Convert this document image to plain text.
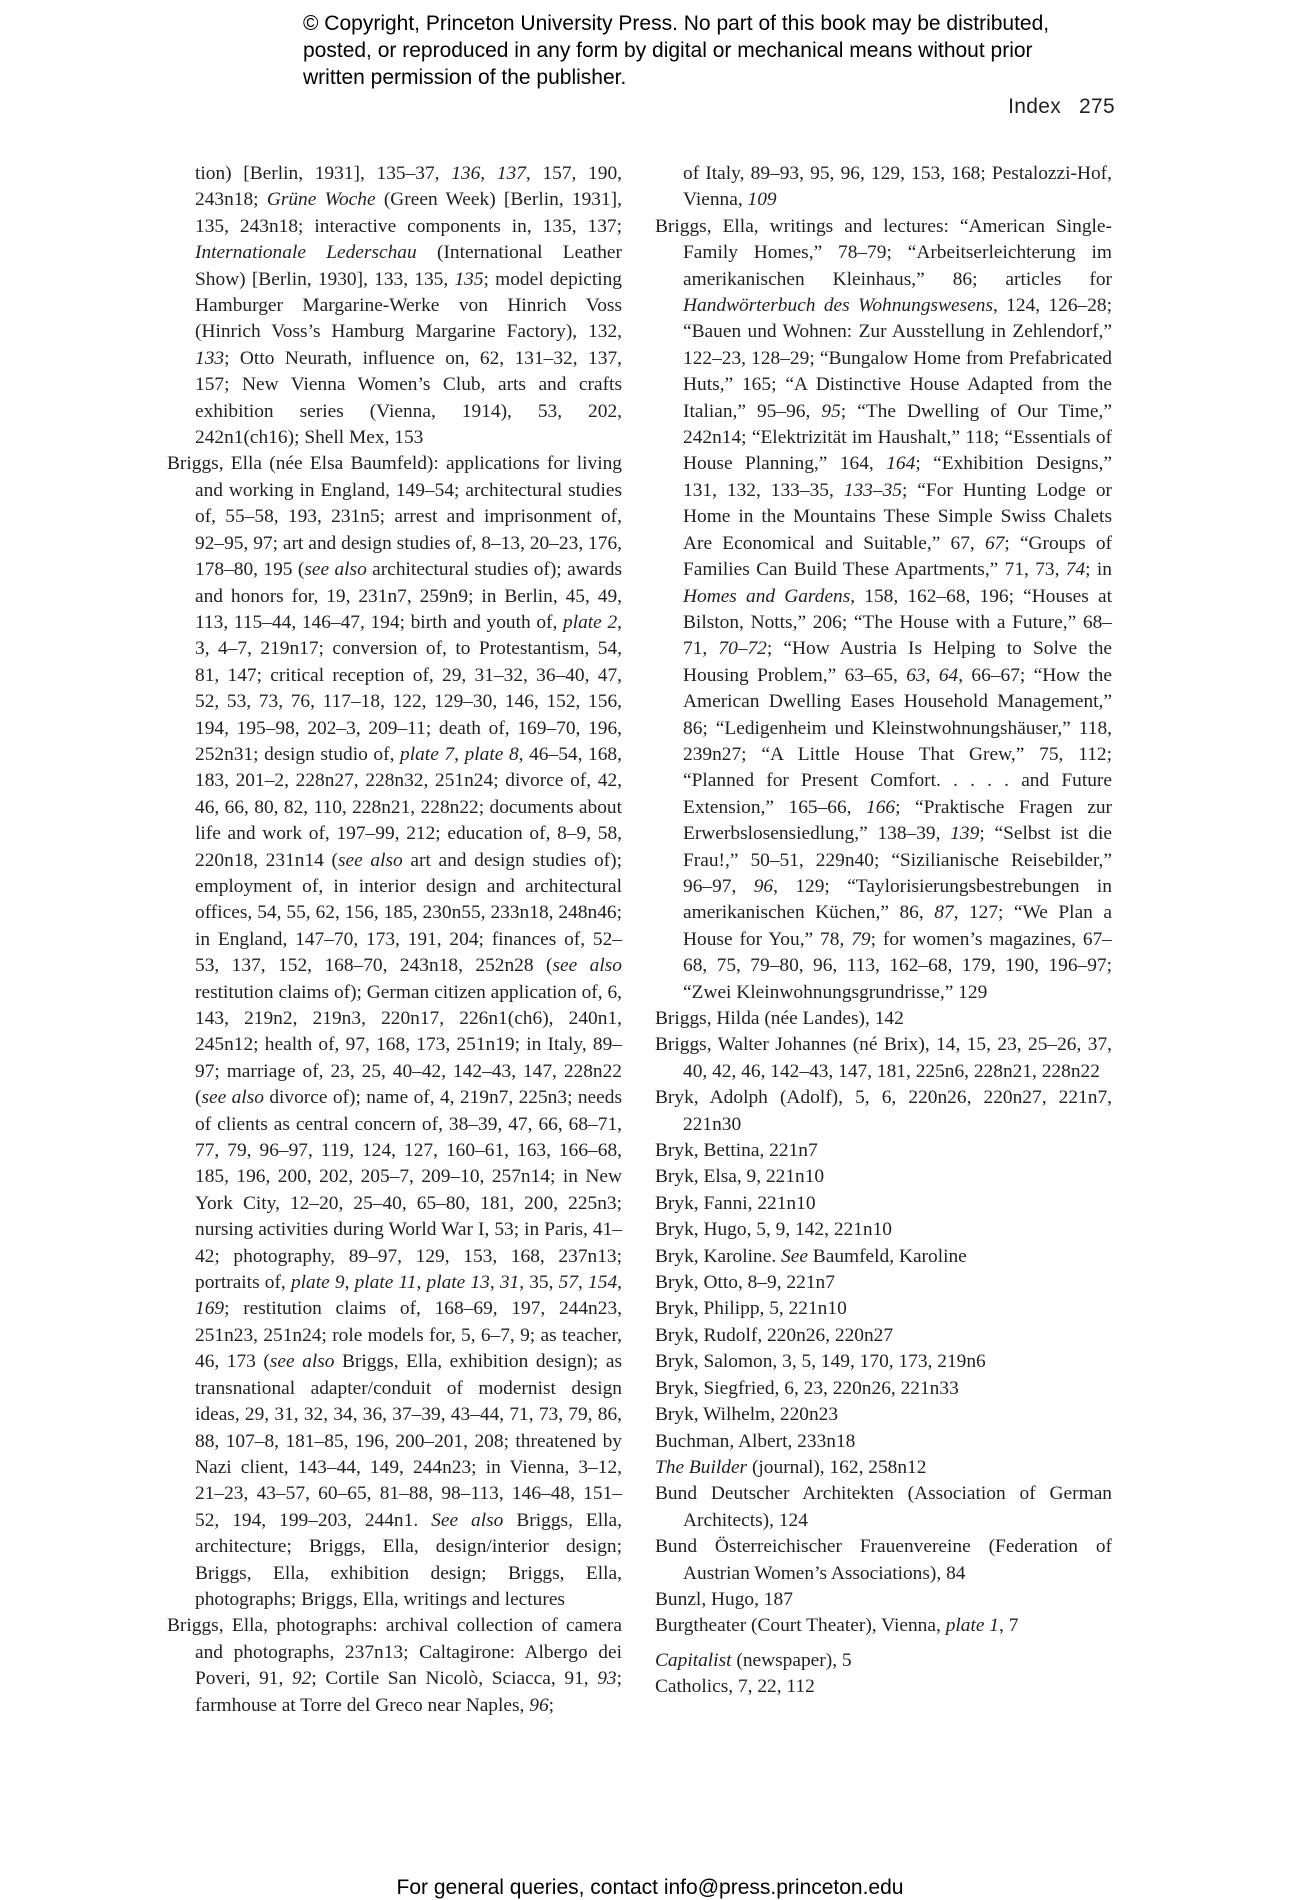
© Copyright, Princeton University Press. No part of this book may be distributed, posted, or reproduced in any form by digital or mechanical means without prior written permission of the publisher.
Index 275

tion) [Berlin, 1931], 135–37, 136, 137, 157, 190, 243n18; Grüne Woche (Green Week) [Berlin, 1931], 135, 243n18; interactive components in, 135, 137; Internationale Lederschau (International Leather Show) [Berlin, 1930], 133, 135, 135; model depicting Hamburger Margarine-Werke von Hinrich Voss (Hinrich Voss’s Hamburg Margarine Factory), 132, 133; Otto Neurath, influence on, 62, 131–32, 137, 157; New Vienna Women’s Club, arts and crafts exhibition series (Vienna, 1914), 53, 202, 242n1(ch16); Shell Mex, 153

Briggs, Ella (née Elsa Baumfeld): applications for living and working in England, 149–54; architectural studies of, 55–58, 193, 231n5; arrest and imprisonment of, 92–95, 97; art and design studies of, 8–13, 20–23, 176, 178–80, 195 (see also architectural studies of); awards and honors for, 19, 231n7, 259n9; in Berlin, 45, 49, 113, 115–44, 146–47, 194; birth and youth of, plate 2, 3, 4–7, 219n17; conversion of, to Protestantism, 54, 81, 147; critical reception of, 29, 31–32, 36–40, 47, 52, 53, 73, 76, 117–18, 122, 129–30, 146, 152, 156, 194, 195–98, 202–3, 209–11; death of, 169–70, 196, 252n31; design studio of, plate 7, plate 8, 46–54, 168, 183, 201–2, 228n27, 228n32, 251n24; divorce of, 42, 46, 66, 80, 82, 110, 228n21, 228n22; documents about life and work of, 197–99, 212; education of, 8–9, 58, 220n18, 231n14 (see also art and design studies of); employment of, in interior design and architectural offices, 54, 55, 62, 156, 185, 230n55, 233n18, 248n46; in England, 147–70, 173, 191, 204; finances of, 52–53, 137, 152, 168–70, 243n18, 252n28 (see also restitution claims of); German citizen application of, 6, 143, 219n2, 219n3, 220n17, 226n1(ch6), 240n1, 245n12; health of, 97, 168, 173, 251n19; in Italy, 89–97; marriage of, 23, 25, 40–42, 142–43, 147, 228n22 (see also divorce of); name of, 4, 219n7, 225n3; needs of clients as central concern of, 38–39, 47, 66, 68–71, 77, 79, 96–97, 119, 124, 127, 160–61, 163, 166–68, 185, 196, 200, 202, 205–7, 209–10, 257n14; in New York City, 12–20, 25–40, 65–80, 181, 200, 225n3; nursing activities during World War I, 53; in Paris, 41–42; photography, 89–97, 129, 153, 168, 237n13; portraits of, plate 9, plate 11, plate 13, 31, 35, 57, 154, 169; restitution claims of, 168–69, 197, 244n23, 251n23, 251n24; role models for, 5, 6–7, 9; as teacher, 46, 173 (see also Briggs, Ella, exhibition design); as transnational adapter/conduit of modernist design ideas, 29, 31, 32, 34, 36, 37–39, 43–44, 71, 73, 79, 86, 88, 107–8, 181–85, 196, 200–201, 208; threatened by Nazi client, 143–44, 149, 244n23; in Vienna, 3–12, 21–23, 43–57, 60–65, 81–88, 98–113, 146–48, 151–52, 194, 199–203, 244n1. See also Briggs, Ella, architecture; Briggs, Ella, design/interior design; Briggs, Ella, exhibition design; Briggs, Ella, photographs; Briggs, Ella, writings and lectures

Briggs, Ella, photographs: archival collection of camera and photographs, 237n13; Caltagirone: Albergo dei Poveri, 91, 92; Cortile San Nicolò, Sciacca, 91, 93; farmhouse at Torre del Greco near Naples, 96;

of Italy, 89–93, 95, 96, 129, 153, 168; Pestalozzi-Hof, Vienna, 109

Briggs, Ella, writings and lectures: “American Single-Family Homes,” 78–79; “Arbeitserleichterung im amerikanischen Kleinhaus,” 86; articles for Handwörterbuch des Wohnungswesens, 124, 126–28; “Bauen und Wohnen: Zur Ausstellung in Zehlendorf,” 122–23, 128–29; “Bungalow Home from Prefabricated Huts,” 165; “A Distinctive House Adapted from the Italian,” 95–96, 95; “The Dwelling of Our Time,” 242n14; “Elektrizität im Haushalt,” 118; “Essentials of House Planning,” 164, 164; “Exhibition Designs,” 131, 132, 133–35, 133–35; “For Hunting Lodge or Home in the Mountains These Simple Swiss Chalets Are Economical and Suitable,” 67, 67; “Groups of Families Can Build These Apartments,” 71, 73, 74; in Homes and Gardens, 158, 162–68, 196; “Houses at Bilston, Notts,” 206; “The House with a Future,” 68–71, 70–72; “How Austria Is Helping to Solve the Housing Problem,” 63–65, 63, 64, 66–67; “How the American Dwelling Eases Household Management,” 86; “Ledigenheim und Kleinstwohnungshäuser,” 118, 239n27; “A Little House That Grew,” 75, 112; “Planned for Present Comfort. . . . . and Future Extension,” 165–66, 166; “Praktische Fragen zur Erwerbslosensiedlung,” 138–39, 139; “Selbst ist die Frau!,” 50–51, 229n40; “Sizilianische Reisebilder,” 96–97, 96, 129; “Taylorisierungsbestrebungen in amerikanischen Küchen,” 86, 87, 127; “We Plan a House for You,” 78, 79; for women’s magazines, 67–68, 75, 79–80, 96, 113, 162–68, 179, 190, 196–97; “Zwei Kleinwohnungsgrundrisse,” 129

Briggs, Hilda (née Landes), 142

Briggs, Walter Johannes (né Brix), 14, 15, 23, 25–26, 37, 40, 42, 46, 142–43, 147, 181, 225n6, 228n21, 228n22

Bryk, Adolph (Adolf), 5, 6, 220n26, 220n27, 221n7, 221n30

Bryk, Bettina, 221n7

Bryk, Elsa, 9, 221n10

Bryk, Fanni, 221n10

Bryk, Hugo, 5, 9, 142, 221n10

Bryk, Karoline. See Baumfeld, Karoline

Bryk, Otto, 8–9, 221n7

Bryk, Philipp, 5, 221n10

Bryk, Rudolf, 220n26, 220n27

Bryk, Salomon, 3, 5, 149, 170, 173, 219n6

Bryk, Siegfried, 6, 23, 220n26, 221n33

Bryk, Wilhelm, 220n23

Buchman, Albert, 233n18

The Builder (journal), 162, 258n12

Bund Deutscher Architekten (Association of German Architects), 124

Bund Österreichischer Frauenvereine (Federation of Austrian Women’s Associations), 84

Bunzl, Hugo, 187

Burgtheater (Court Theater), Vienna, plate 1, 7

Capitalist (newspaper), 5

Catholics, 7, 22, 112

For general queries, contact info@press.princeton.edu
